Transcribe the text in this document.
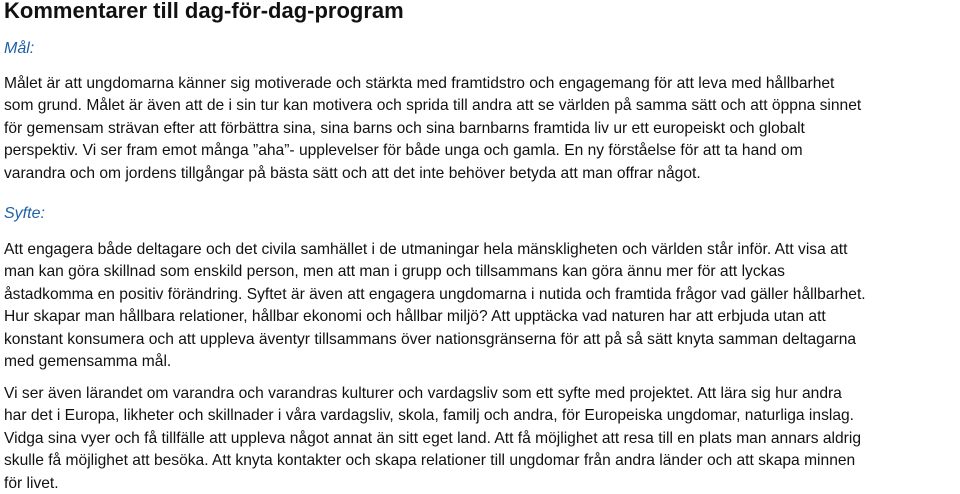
Kommentarer till dag-för-dag-program
Mål:

Målet är att ungdomarna känner sig motiverade och stärkta med framtidstro och engagemang för att leva med hållbarhet
som grund. Målet är även att de i sin tur kan motivera och sprida till andra att se världen på samma sätt och att öppna sinnet
för gemensam strävan efter att förbättra sina, sina barns och sina barnbarns framtida liv ur ett europeiskt och globalt
perspektiv. Vi ser fram emot många ”aha”- upplevelser för både unga och gamla. En ny förståelse för att ta hand om
varandra och om jordens tillgångar på bästa sätt och att det inte behöver betyda att man offrar något.

Syfte:

Att engagera både deltagare och det civila samhället i de utmaningar hela mänskligheten och världen står inför. Att visa att
man kan göra skillnad som enskild person, men att man i grupp och tillsammans kan göra ännu mer för att lyckas
åstadkomma en positiv förändring. Syftet är även att engagera ungdomarna i nutida och framtida frågor vad gäller hållbarhet.
Hur skapar man hållbara relationer, hållbar ekonomi och hållbar miljö? Att upptäcka vad naturen har att erbjuda utan att
konstant konsumera och att uppleva äventyr tillsammans över nationsgränserna för att på så sätt knyta samman deltagarna
med gemensamma mål.

Vi ser även lärandet om varandra och varandras kulturer och vardagsliv som ett syfte med projektet. Att lära sig hur andra
har det i Europa, likheter och skillnader i våra vardagsliv, skola, familj och andra, för Europeiska ungdomar, naturliga inslag.
Vidga sina vyer och få tillfälle att uppleva något annat än sitt eget land. Att få möjlighet att resa till en plats man annars aldrig
skulle få möjlighet att besöka. Att knyta kontakter och skapa relationer till ungdomar från andra länder och att skapa minnen
för livet.
